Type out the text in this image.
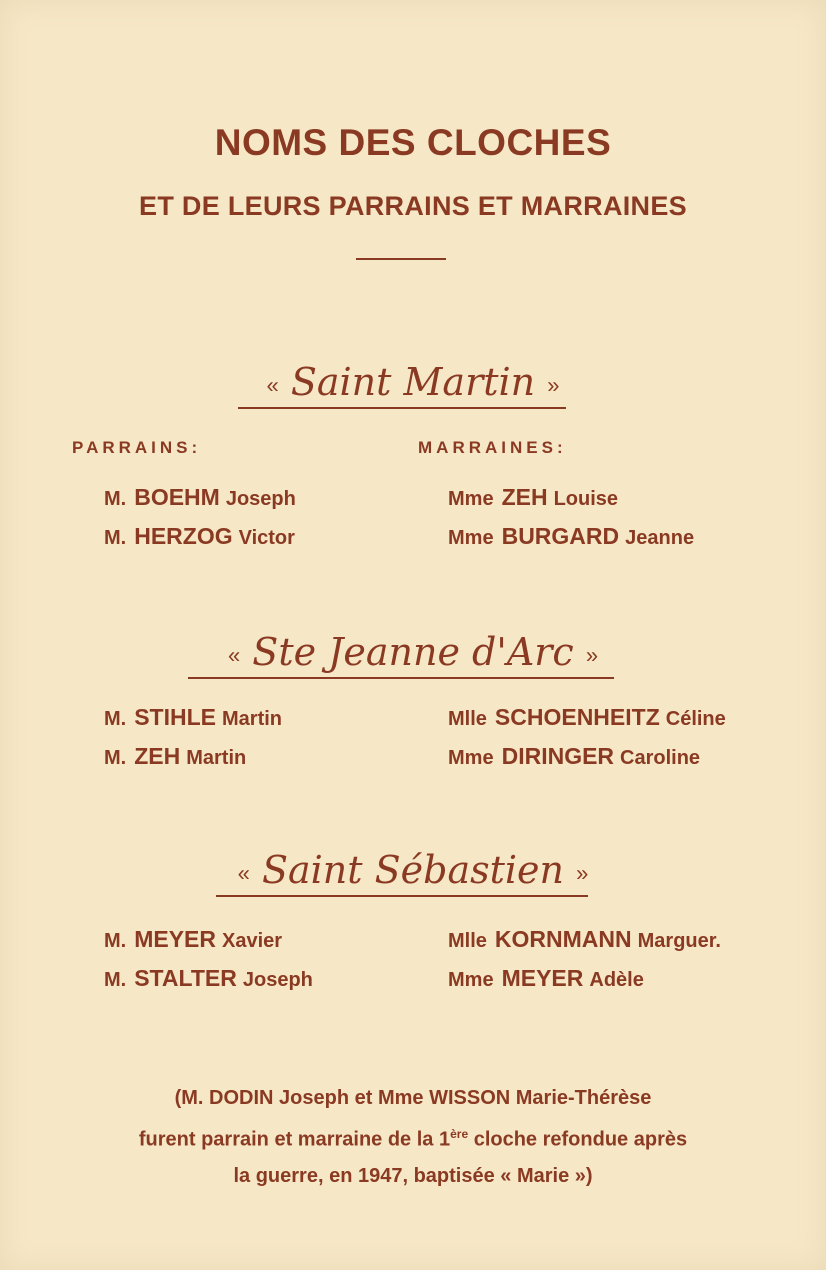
NOMS DES CLOCHES
ET DE LEURS PARRAINS ET MARRAINES
« Saint Martin »
PARRAINS:	MARRAINES:
M. BOEHM Joseph
M. HERZOG Victor
Mme ZEH Louise
Mme BURGARD Jeanne
« Ste Jeanne d'Arc »
M. STIHLE Martin
M. ZEH Martin
Mlle SCHOENHEITZ Céline
Mme DIRINGER Caroline
« Saint Sébastien »
M. MEYER Xavier
M. STALTER Joseph
Mlle KORNMANN Marguer.
Mme MEYER Adèle
(M. DODIN Joseph et Mme WISSON Marie-Thérèse
furent parrain et marraine de la 1ère cloche refondue après
la guerre, en 1947, baptisée « Marie »)
